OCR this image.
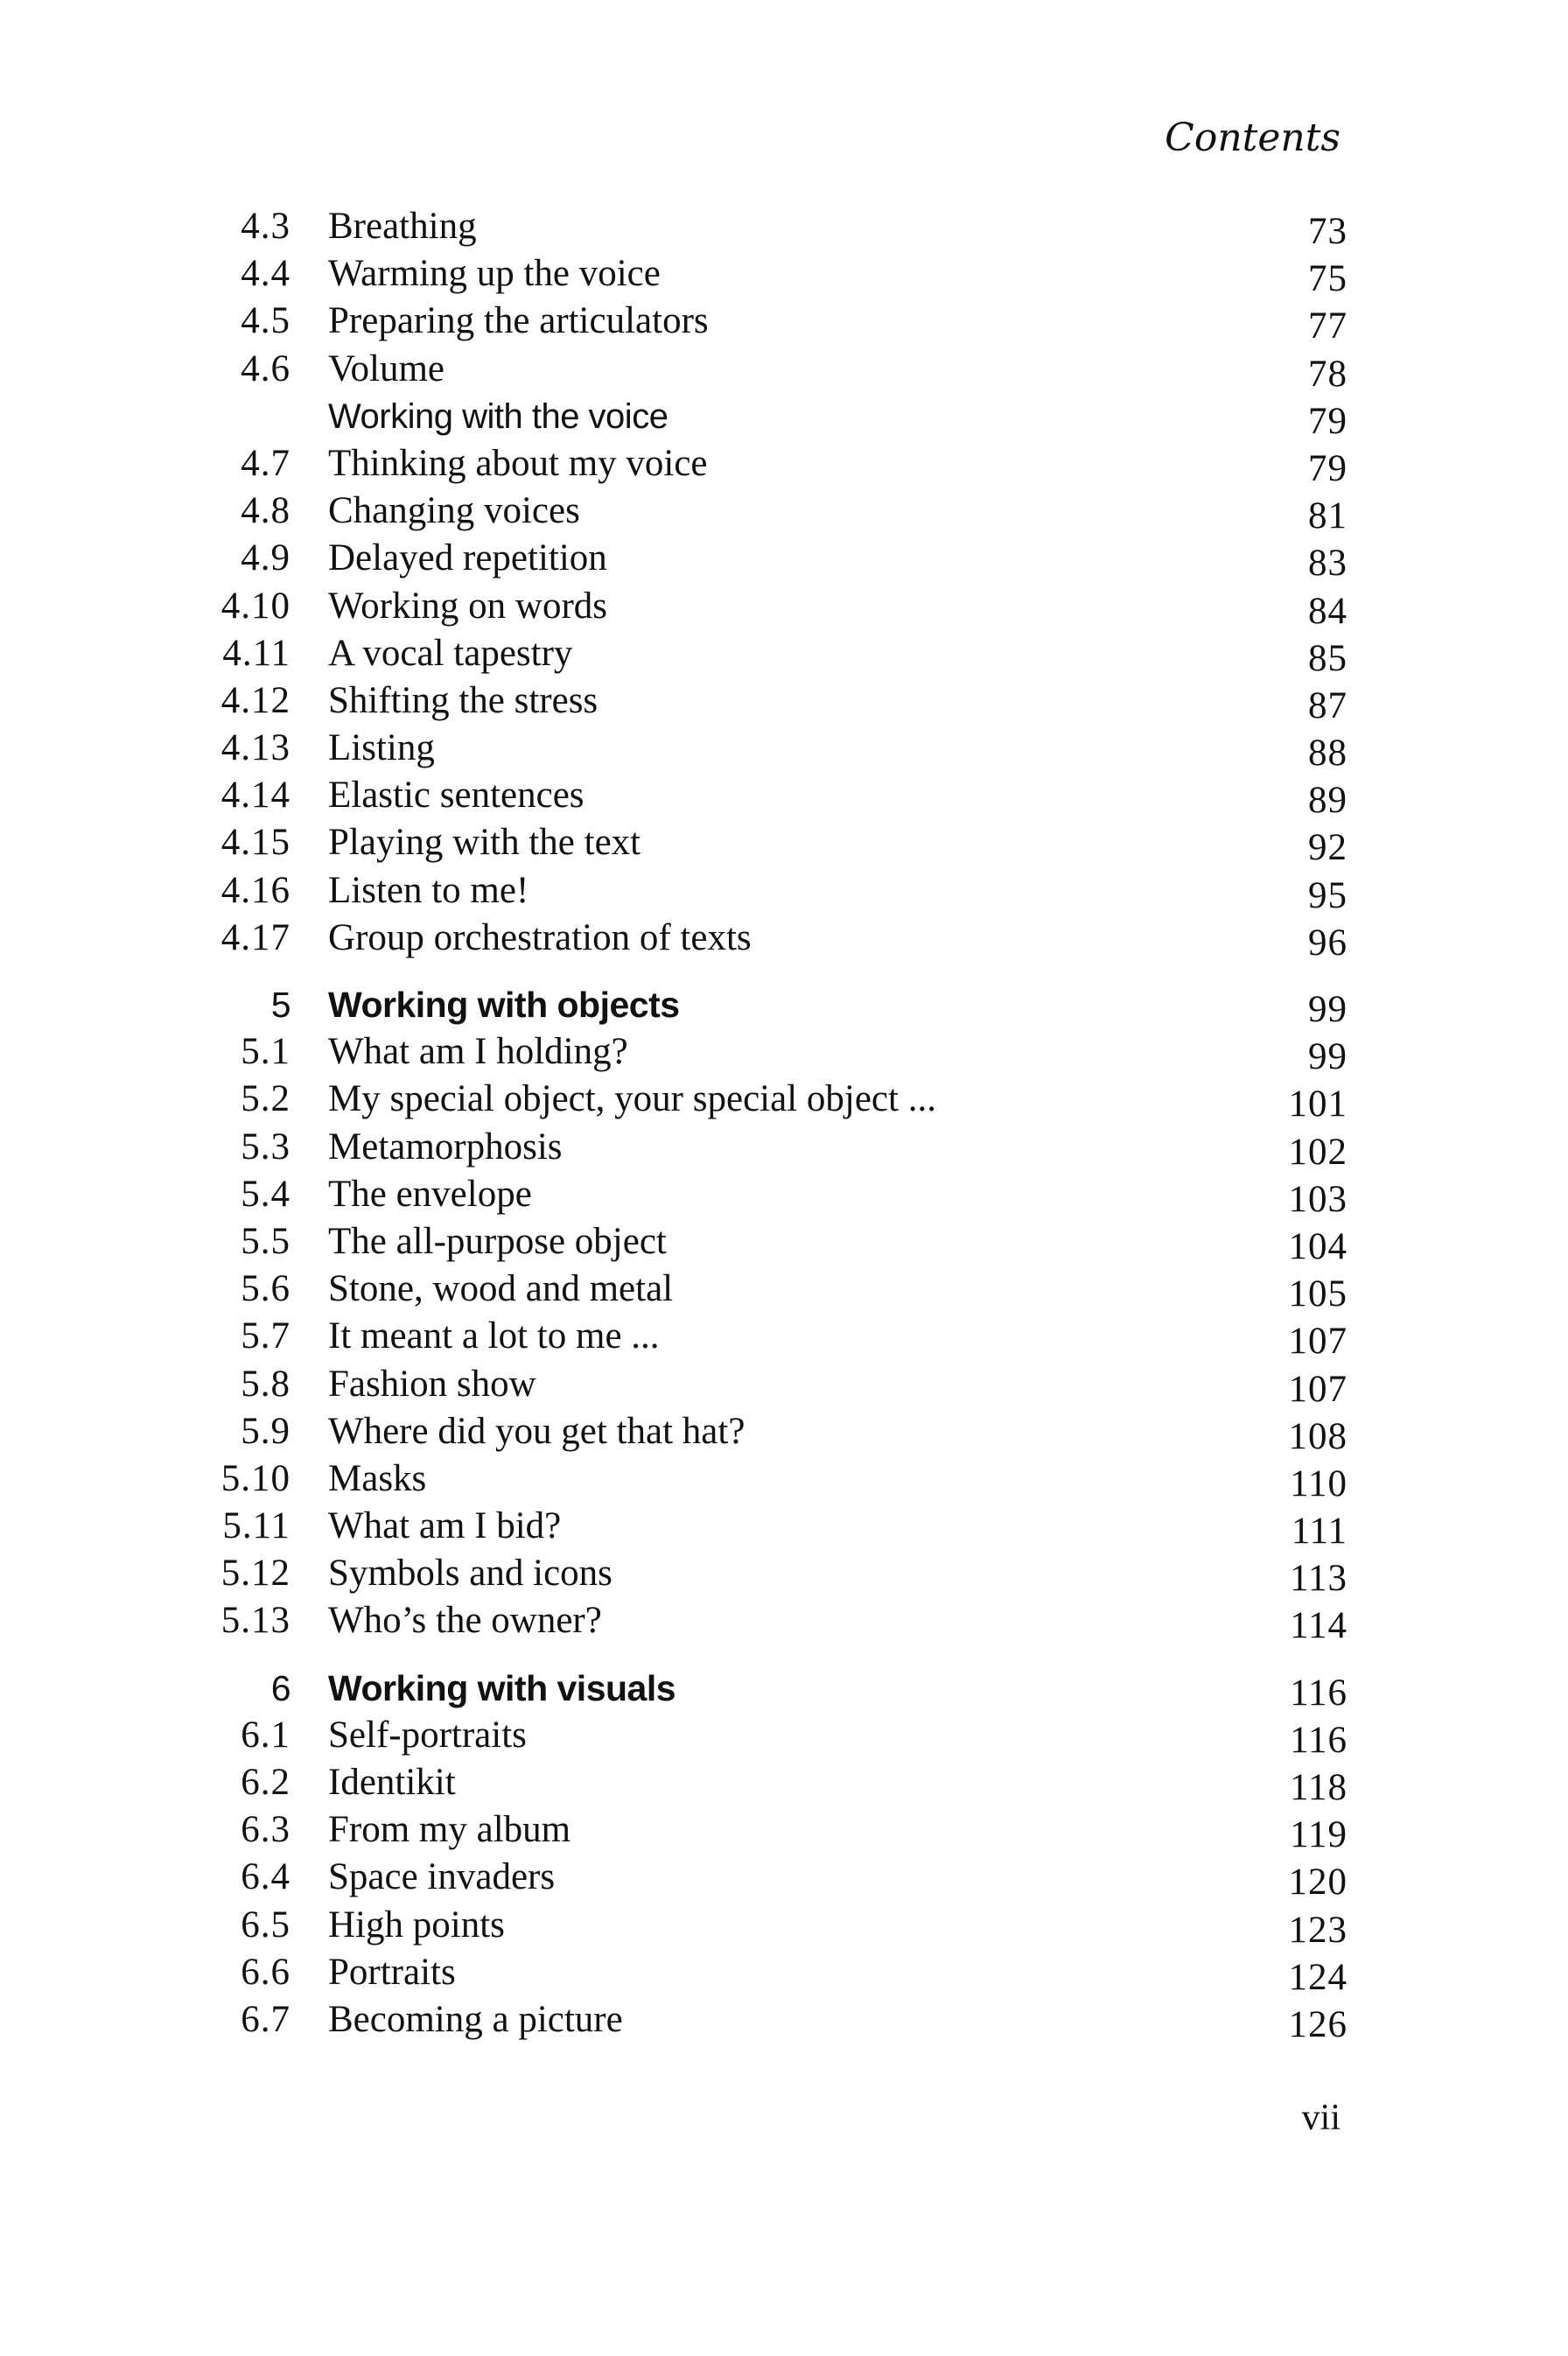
Contents

4.3 Breathing	73
4.4 Warming up the voice	75
4.5 Preparing the articulators	77
4.6 Volume	78
Working with the voice	79
4.7 Thinking about my voice	79
4.8 Changing voices	81
4.9 Delayed repetition	83
4.10 Working on words	84
4.11 A vocal tapestry	85
4.12 Shifting the stress	87
4.13 Listing	88
4.14 Elastic sentences	89
4.15 Playing with the text	92
4.16 Listen to me!	95
4.17 Group orchestration of texts	96
5 Working with objects	99
5.1 What am I holding?	99
5.2 My special object, your special object ...	101
5.3 Metamorphosis	102
5.4 The envelope	103
5.5 The all-purpose object	104
5.6 Stone, wood and metal	105
5.7 It meant a lot to me ...	107
5.8 Fashion show	107
5.9 Where did you get that hat?	108
5.10 Masks	110
5.11 What am I bid?	111
5.12 Symbols and icons	113
5.13 Who’s the owner?	114
6 Working with visuals	116
6.1 Self-portraits	116
6.2 Identikit	118
6.3 From my album	119
6.4 Space invaders	120
6.5 High points	123
6.6 Portraits	124
6.7 Becoming a picture	126

vii
